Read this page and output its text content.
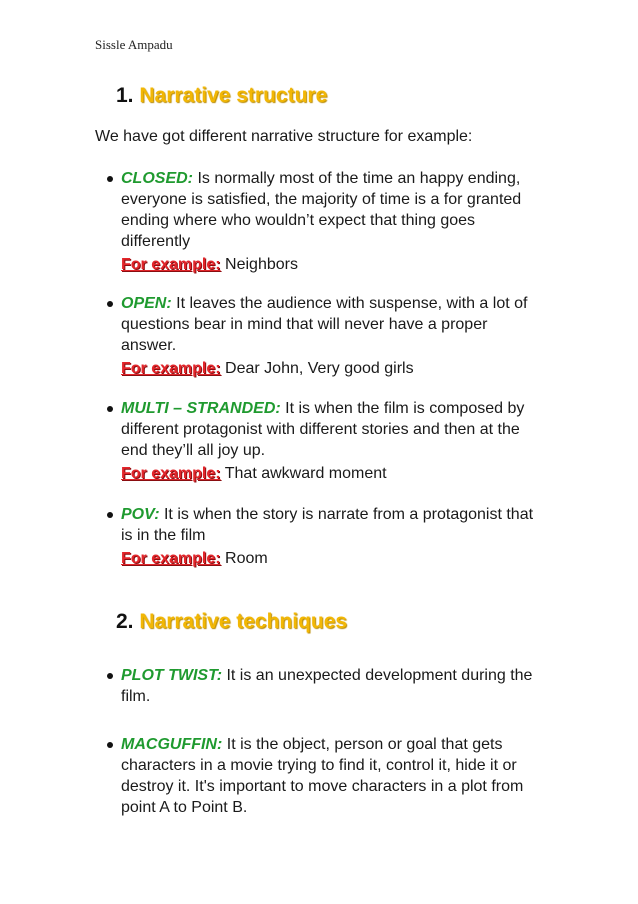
Sissle Ampadu
1. Narrative structure
We have got different narrative structure for example:
CLOSED: Is normally most of the time an happy ending, everyone is satisfied, the majority of time is a for granted ending where who wouldn’t expect that thing goes differently
For example: Neighbors
OPEN: It leaves the audience with suspense, with a lot of questions bear in mind that will never have a proper answer.
For example: Dear John, Very good girls
MULTI – STRANDED: It is when the film is composed by different protagonist with different stories and then at the end they’ll all joy up.
For example: That awkward moment
POV: It is when the story is narrate from a protagonist that is in the film
For example: Room
2. Narrative techniques
PLOT TWIST: It is an unexpected development during the film.
MACGUFFIN: It is the object, person or goal that gets characters in a movie trying to find it, control it, hide it or destroy it. It's important to move characters in a plot from point A to Point B.
